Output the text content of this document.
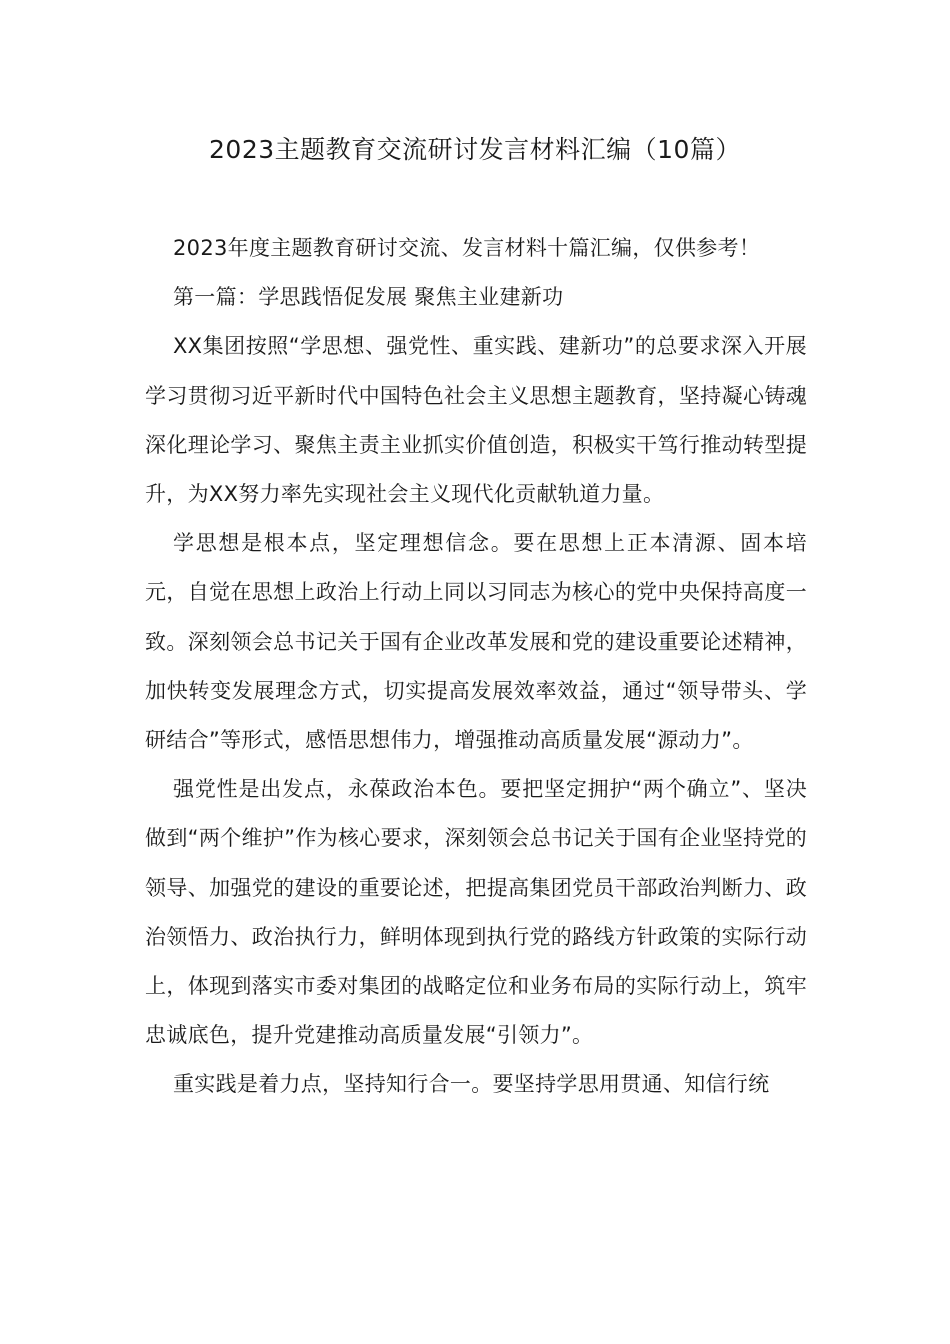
2023主题教育交流研讨发言材料汇编（10篇）

2023年度主题教育研讨交流、发言材料十篇汇编，仅供参考！

第一篇：学思践悟促发展 聚焦主业建新功

XX集团按照“学思想、强党性、重实践、建新功”的总要求深入开展学习贯彻习近平新时代中国特色社会主义思想主题教育，坚持凝心铸魂深化理论学习、聚焦主责主业抓实价值创造，积极实干笃行推动转型提升，为XX努力率先实现社会主义现代化贡献轨道力量。

学思想是根本点，坚定理想信念。要在思想上正本清源、固本培元，自觉在思想上政治上行动上同以习同志为核心的党中央保持高度一致。深刻领会总书记关于国有企业改革发展和党的建设重要论述精神，加快转变发展理念方式，切实提高发展效率效益，通过“领导带头、学研结合”等形式，感悟思想伟力，增强推动高质量发展“源动力”。

强党性是出发点，永葆政治本色。要把坚定拥护“两个确立”、坚决做到“两个维护”作为核心要求，深刻领会总书记关于国有企业坚持党的领导、加强党的建设的重要论述，把提高集团党员干部政治判断力、政治领悟力、政治执行力，鲜明体现到执行党的路线方针政策的实际行动上，体现到落实市委对集团的战略定位和业务布局的实际行动上，筑牢忠诚底色，提升党建推动高质量发展“引领力”。

重实践是着力点，坚持知行合一。要坚持学思用贯通、知信行统
